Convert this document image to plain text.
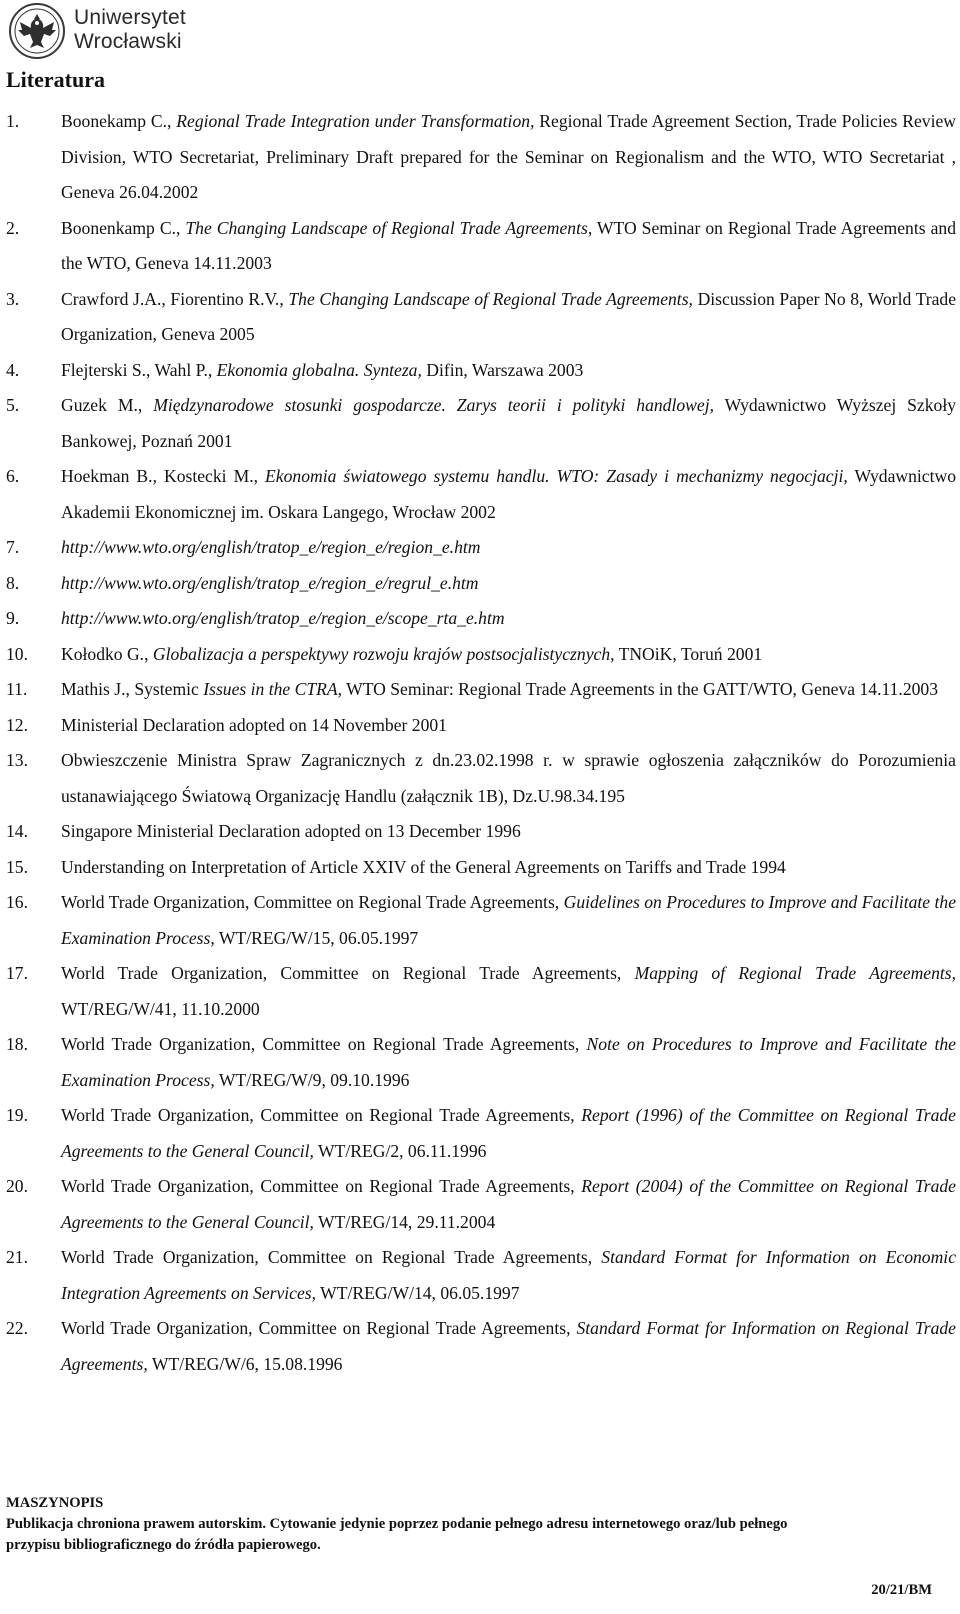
Uniwersytet
Wrocławski
Literatura
1. Boonekamp C., Regional Trade Integration under Transformation, Regional Trade Agreement Section, Trade Policies Review Division, WTO Secretariat, Preliminary Draft prepared for the Seminar on Regionalism and the WTO, WTO Secretariat , Geneva 26.04.2002
2. Boonenkamp C., The Changing Landscape of Regional Trade Agreements, WTO Seminar on Regional Trade Agreements and the WTO, Geneva 14.11.2003
3. Crawford J.A., Fiorentino R.V., The Changing Landscape of Regional Trade Agreements, Discussion Paper No 8, World Trade Organization, Geneva 2005
4. Flejterski S., Wahl P., Ekonomia globalna. Synteza, Difin, Warszawa 2003
5. Guzek M., Międzynarodowe stosunki gospodarcze. Zarys teorii i polityki handlowej, Wydawnictwo Wyższej Szkoły Bankowej, Poznań 2001
6. Hoekman B., Kostecki M., Ekonomia światowego systemu handlu. WTO: Zasady i mechanizmy negocjacji, Wydawnictwo Akademii Ekonomicznej im. Oskara Langego, Wrocław 2002
7. http://www.wto.org/english/tratop_e/region_e/region_e.htm
8. http://www.wto.org/english/tratop_e/region_e/regrul_e.htm
9. http://www.wto.org/english/tratop_e/region_e/scope_rta_e.htm
10. Kołodko G., Globalizacja a perspektywy rozwoju krajów postsocjalistycznych, TNOiK, Toruń 2001
11. Mathis J., Systemic Issues in the CTRA, WTO Seminar: Regional Trade Agreements in the GATT/WTO, Geneva 14.11.2003
12. Ministerial Declaration adopted on 14 November 2001
13. Obwieszczenie Ministra Spraw Zagranicznych z dn.23.02.1998 r. w sprawie ogłoszenia załączników do Porozumienia ustanawiającego Światową Organizację Handlu (załącznik 1B), Dz.U.98.34.195
14. Singapore Ministerial Declaration adopted on 13 December 1996
15. Understanding on Interpretation of Article XXIV of the General Agreements on Tariffs and Trade 1994
16. World Trade Organization, Committee on Regional Trade Agreements, Guidelines on Procedures to Improve and Facilitate the Examination Process, WT/REG/W/15, 06.05.1997
17. World Trade Organization, Committee on Regional Trade Agreements, Mapping of Regional Trade Agreements, WT/REG/W/41, 11.10.2000
18. World Trade Organization, Committee on Regional Trade Agreements, Note on Procedures to Improve and Facilitate the Examination Process, WT/REG/W/9, 09.10.1996
19. World Trade Organization, Committee on Regional Trade Agreements, Report (1996) of the Committee on Regional Trade Agreements to the General Council, WT/REG/2, 06.11.1996
20. World Trade Organization, Committee on Regional Trade Agreements, Report (2004) of the Committee on Regional Trade Agreements to the General Council, WT/REG/14, 29.11.2004
21. World Trade Organization, Committee on Regional Trade Agreements, Standard Format for Information on Economic Integration Agreements on Services, WT/REG/W/14, 06.05.1997
22. World Trade Organization, Committee on Regional Trade Agreements, Standard Format for Information on Regional Trade Agreements, WT/REG/W/6, 15.08.1996
MASZYNOPIS
Publikacja chroniona prawem autorskim. Cytowanie jedynie poprzez podanie pełnego adresu internetowego oraz/lub pełnego
przypisu bibliograficznego do źródła papierowego.
20/21/BM
